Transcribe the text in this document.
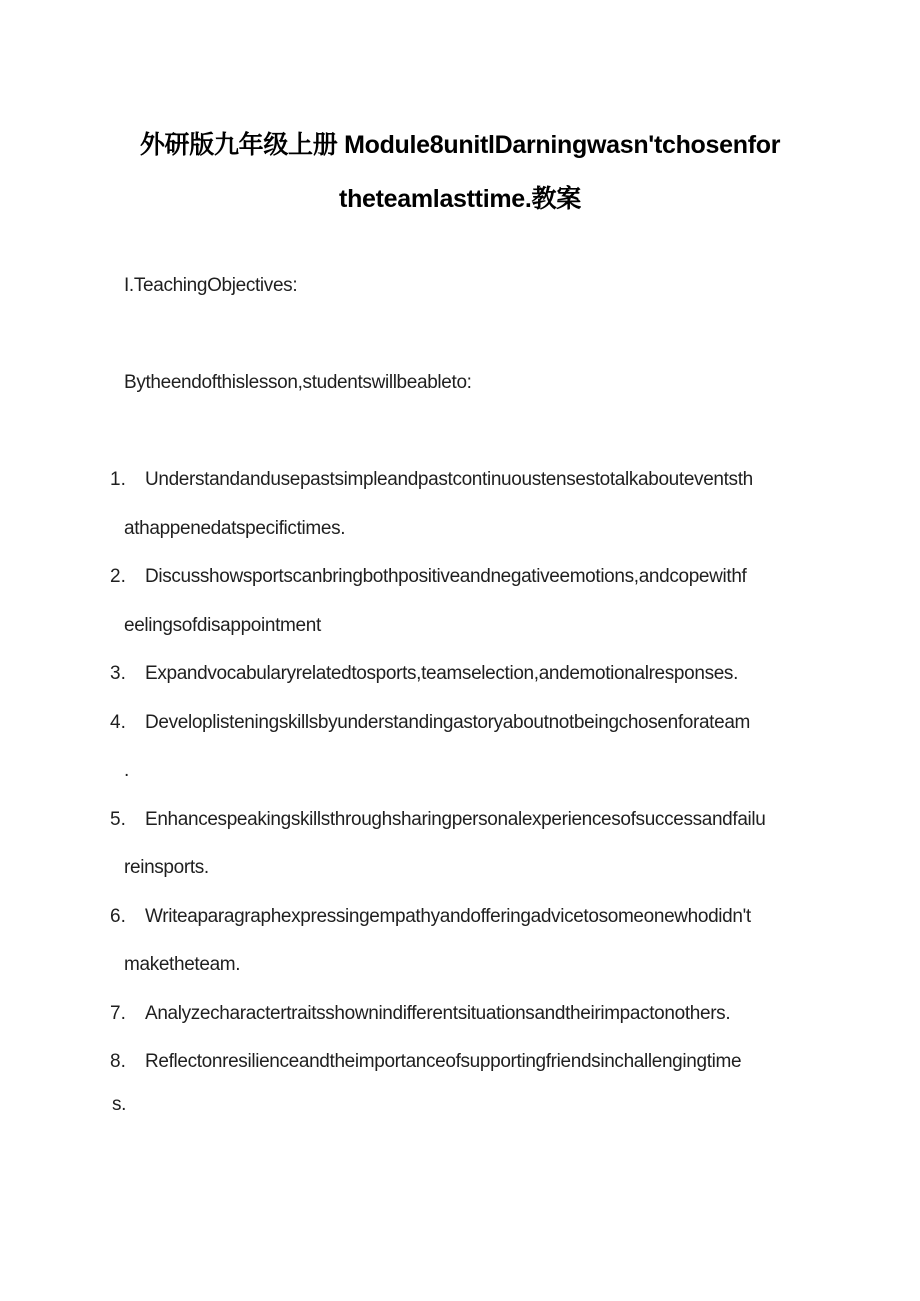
外研版九年级上册 Module8unitlDarningwasn'tchosenfor
theteamlasttime.教案
I.TeachingObjectives:
Bytheendofthislesson,studentswillbeableto:
1. Understandandusepastsimpleandpastcontinuoustensestotalkabouteventsth
athappenedatspecifictimes.
2. Discusshowsportscanbringbothpositiveandnegativeemotions,andcopewithf
eelingsofdisappointment
3. Expandvocabularyrelatedtosports,teamselection,andemotionalresponses.
4. Developlisteningskillsbyunderstandingastoryaboutnotbeingchosenforateam
.
5. Enhancespeakingskillsthroughsharingpersonalexperiencesofsuccessandfailu
reinsports.
6. Writeaparagraphexpressingempathyandofferingadvicetosomeonewhodidn't
maketheteam.
7. Analyzecharactertraitsshownindifferentsituationsandtheirimpactonothers.
8. Reflectonresilienceandtheimportanceofsupportingfriendsinchallengingtime
s.
